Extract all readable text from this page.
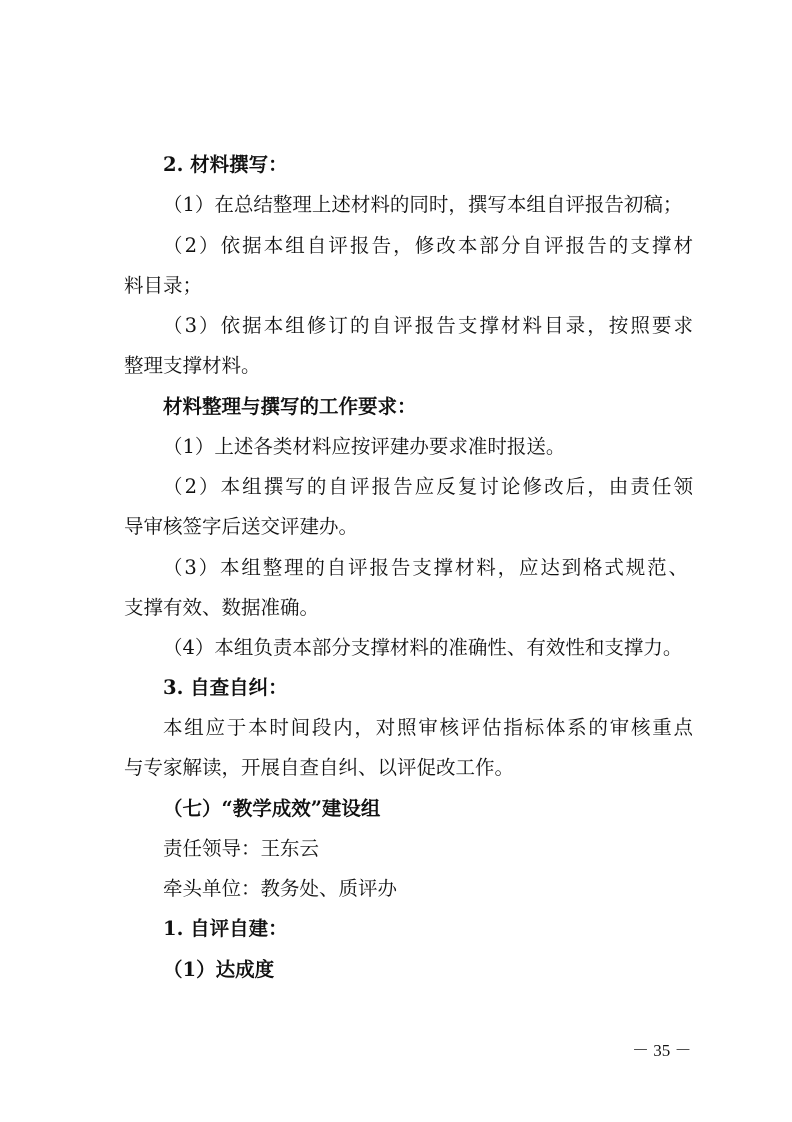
2. 材料撰写：
（1）在总结整理上述材料的同时，撰写本组自评报告初稿；
（2）依据本组自评报告，修改本部分自评报告的支撑材
料目录；
（3）依据本组修订的自评报告支撑材料目录，按照要求
整理支撑材料。
材料整理与撰写的工作要求：
（1）上述各类材料应按评建办要求准时报送。
（2）本组撰写的自评报告应反复讨论修改后，由责任领
导审核签字后送交评建办。
（3）本组整理的自评报告支撑材料，应达到格式规范、
支撑有效、数据准确。
（4）本组负责本部分支撑材料的准确性、有效性和支撑力。
3. 自查自纠：
本组应于本时间段内，对照审核评估指标体系的审核重点
与专家解读，开展自查自纠、以评促改工作。
（七）“教学成效”建设组
责任领导：王东云
牵头单位：教务处、质评办
1. 自评自建：
（1）达成度
－ 35 －
